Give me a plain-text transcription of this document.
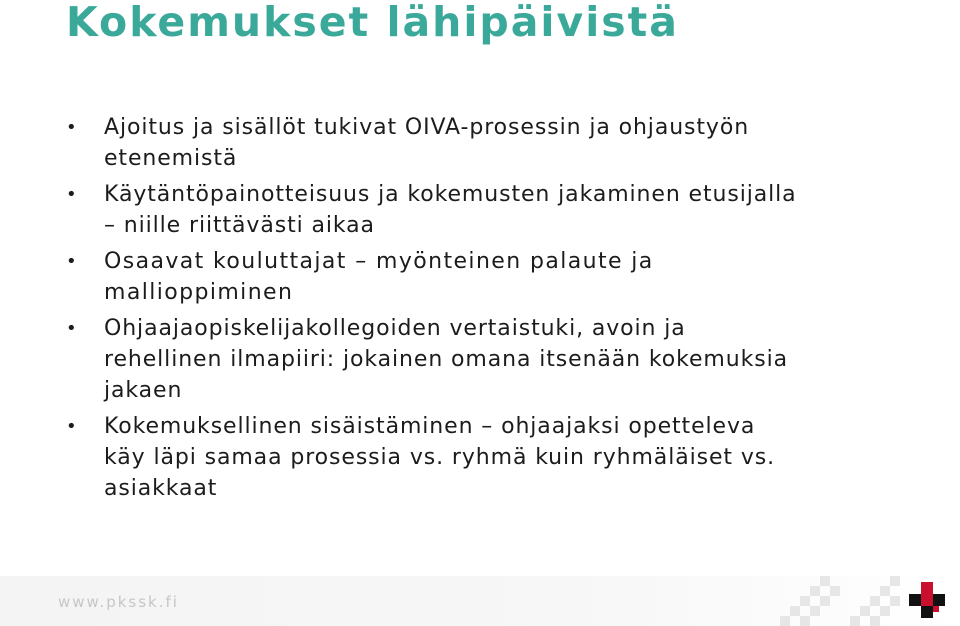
Kokemukset lähipäivistä
• Ajoitus ja sisällöt tukivat OIVA-prosessin ja ohjaustyön
etenemistä
• Käytäntöpainotteisuus ja kokemusten jakaminen etusijalla
– niille riittävästi aikaa
• Osaavat kouluttajat – myönteinen palaute ja
mallioppiminen
• Ohjaajaopiskelijakollegoiden vertaistuki, avoin ja
rehellinen ilmapiiri: jokainen omana itsenään kokemuksia
jakaen
• Kokemuksellinen sisäistäminen – ohjaajaksi opetteleva
käy läpi samaa prosessia vs. ryhmä kuin ryhmäläiset vs.
asiakkaat
www.pkssk.fi
